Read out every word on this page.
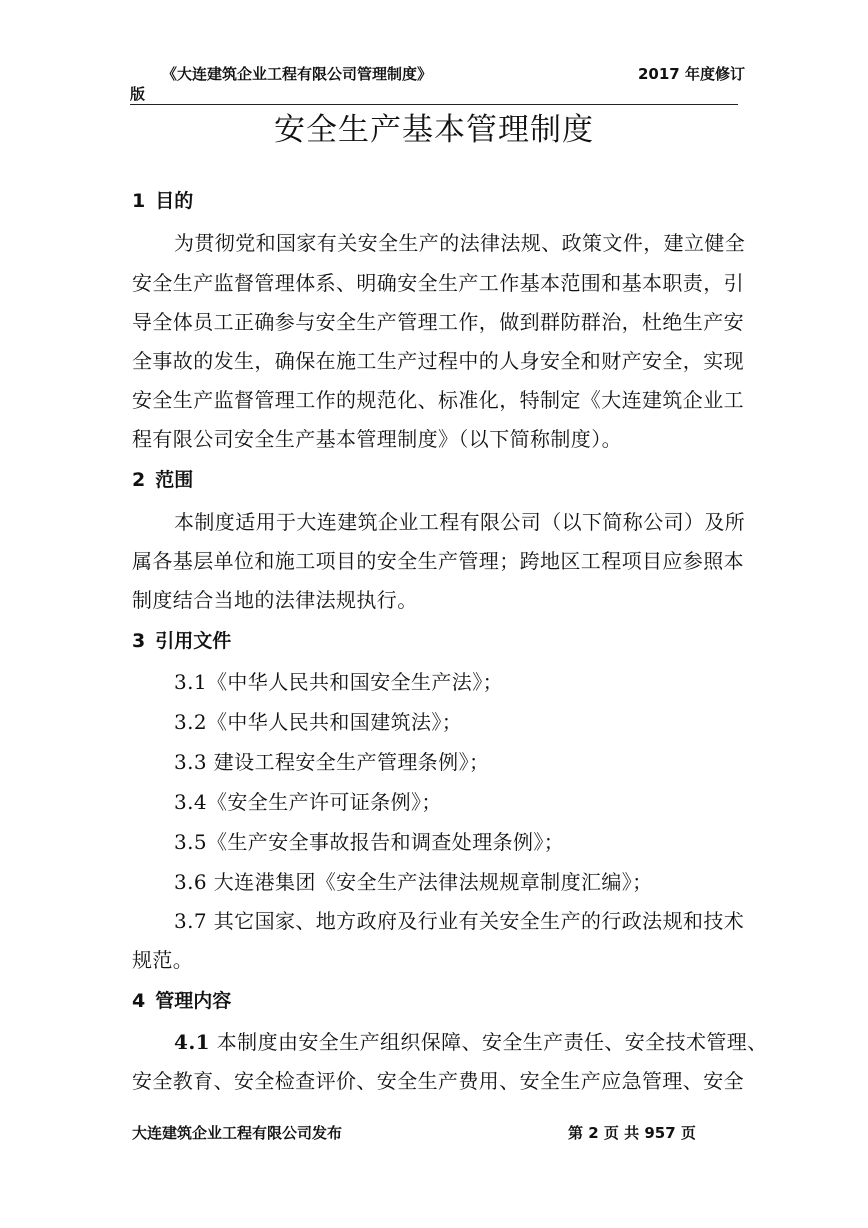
《大连建筑企业工程有限公司管理制度》	2017 年度修订
版
安全生产基本管理制度
1 目的
为贯彻党和国家有关安全生产的法律法规、政策文件，建立健全
安全生产监督管理体系、明确安全生产工作基本范围和基本职责，引
导全体员工正确参与安全生产管理工作，做到群防群治，杜绝生产安
全事故的发生，确保在施工生产过程中的人身安全和财产安全，实现
安全生产监督管理工作的规范化、标准化，特制定《大连建筑企业工
程有限公司安全生产基本管理制度》（以下简称制度）。
2 范围
本制度适用于大连建筑企业工程有限公司（以下简称公司）及所
属各基层单位和施工项目的安全生产管理；跨地区工程项目应参照本
制度结合当地的法律法规执行。
3 引用文件
3.1《中华人民共和国安全生产法》；
3.2《中华人民共和国建筑法》；
3.3 建设工程安全生产管理条例》；
3.4《安全生产许可证条例》；
3.5《生产安全事故报告和调查处理条例》；
3.6 大连港集团《安全生产法律法规规章制度汇编》；
3.7 其它国家、地方政府及行业有关安全生产的行政法规和技术
规范。
4 管理内容
4.1 本制度由安全生产组织保障、安全生产责任、安全技术管理、
安全教育、安全检查评价、安全生产费用、安全生产应急管理、安全
大连建筑企业工程有限公司发布	第 2 页 共 957 页
